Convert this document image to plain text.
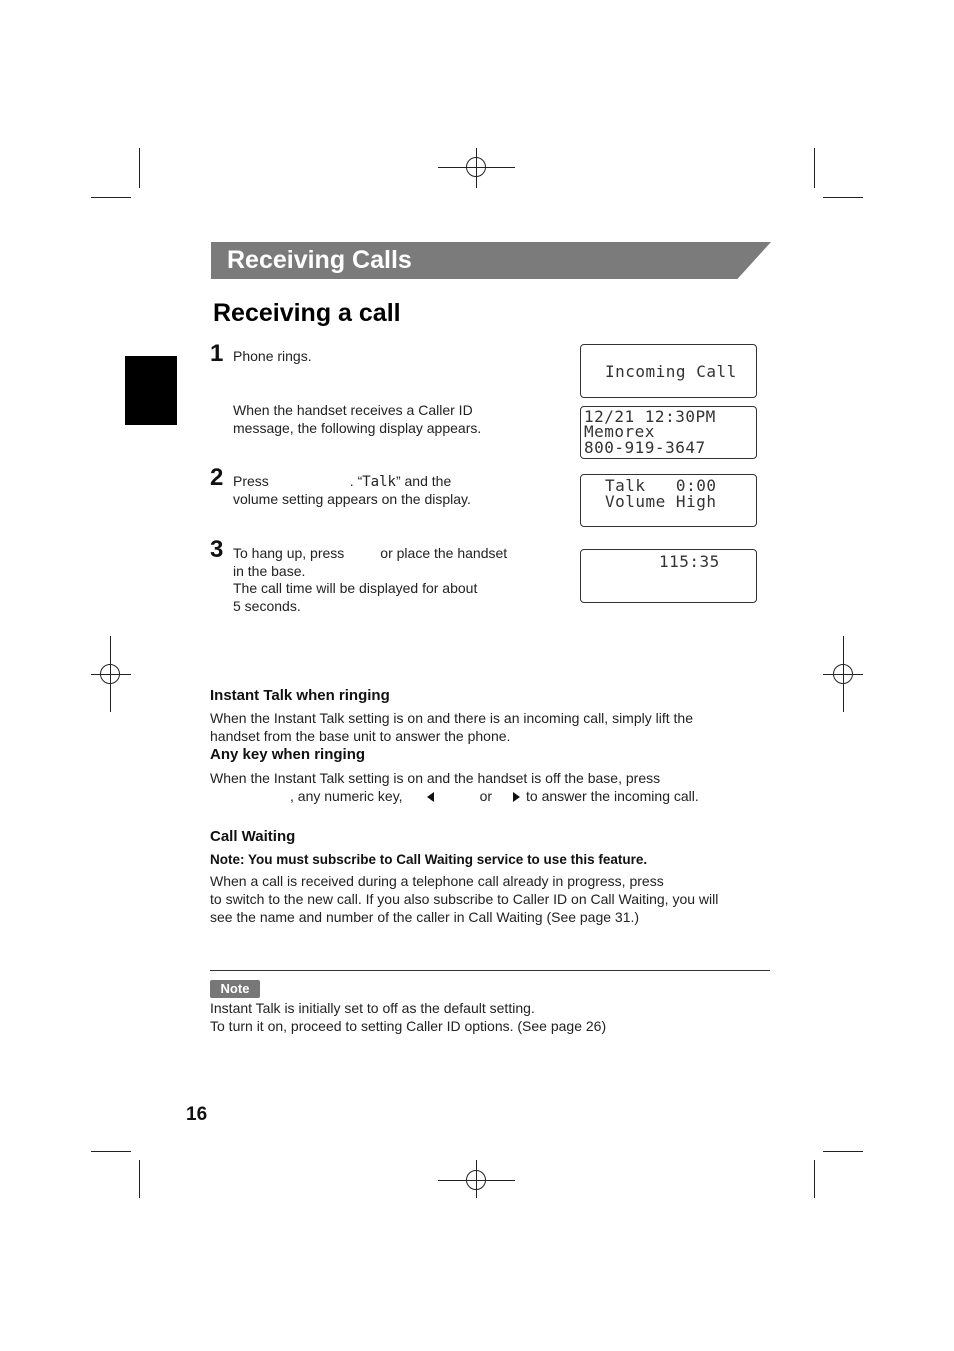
Receiving Calls
Receiving a call
1 Phone rings.
When the handset receives a Caller ID
message, the following display appears.
2 Press	. “Talk” and the
volume setting appears on the display.
3 To hang up, press	or place the handset
in the base.
The call time will be displayed for about
5 seconds.
Incoming Call
12/21 12:30PM
Memorex
800-919-3647
Talk   0:00
Volume High
115:35
Instant Talk when ringing
When the Instant Talk setting is on and there is an incoming call, simply lift the
handset from the base unit to answer the phone.
Any key when ringing
When the Instant Talk setting is on and the handset is off the base, press
, any numeric key,	or to answer the incoming call.
Call Waiting
Note: You must subscribe to Call Waiting service to use this feature.
When a call is received during a telephone call already in progress, press
to switch to the new call. If you also subscribe to Caller ID on Call Waiting, you will
see the name and number of the caller in Call Waiting (See page 31.)
Note
Instant Talk is initially set to off as the default setting.
To turn it on, proceed to setting Caller ID options. (See page 26)
16
